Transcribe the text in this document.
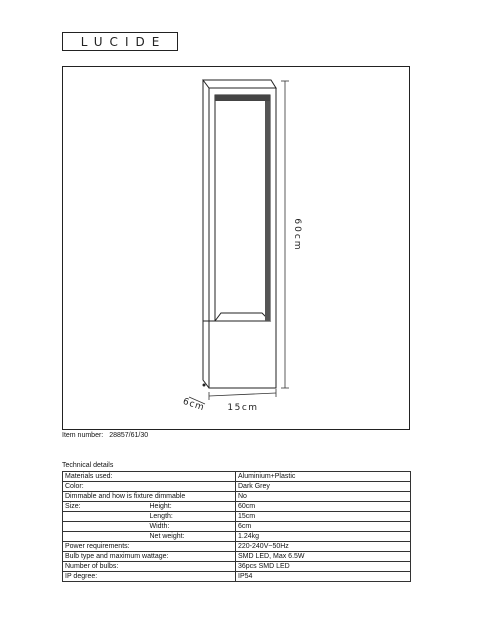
LUCIDE
60cm
15cm
6cm
Item number: 28857/61/30
Technical details
Materials used:		Aluminium+Plastic
Color:		Dark Grey
Dimmable and how is fixture dimmable		No
Size:	Height:	60cm
	Length:	15cm
	Width:	6cm
	Net weight:	1.24kg
Power requirements:		220-240V~50Hz
Bulb type and maximum wattage:		SMD LED, Max 6.5W
Number of bulbs:		36pcs SMD LED
IP degree:		IP54
